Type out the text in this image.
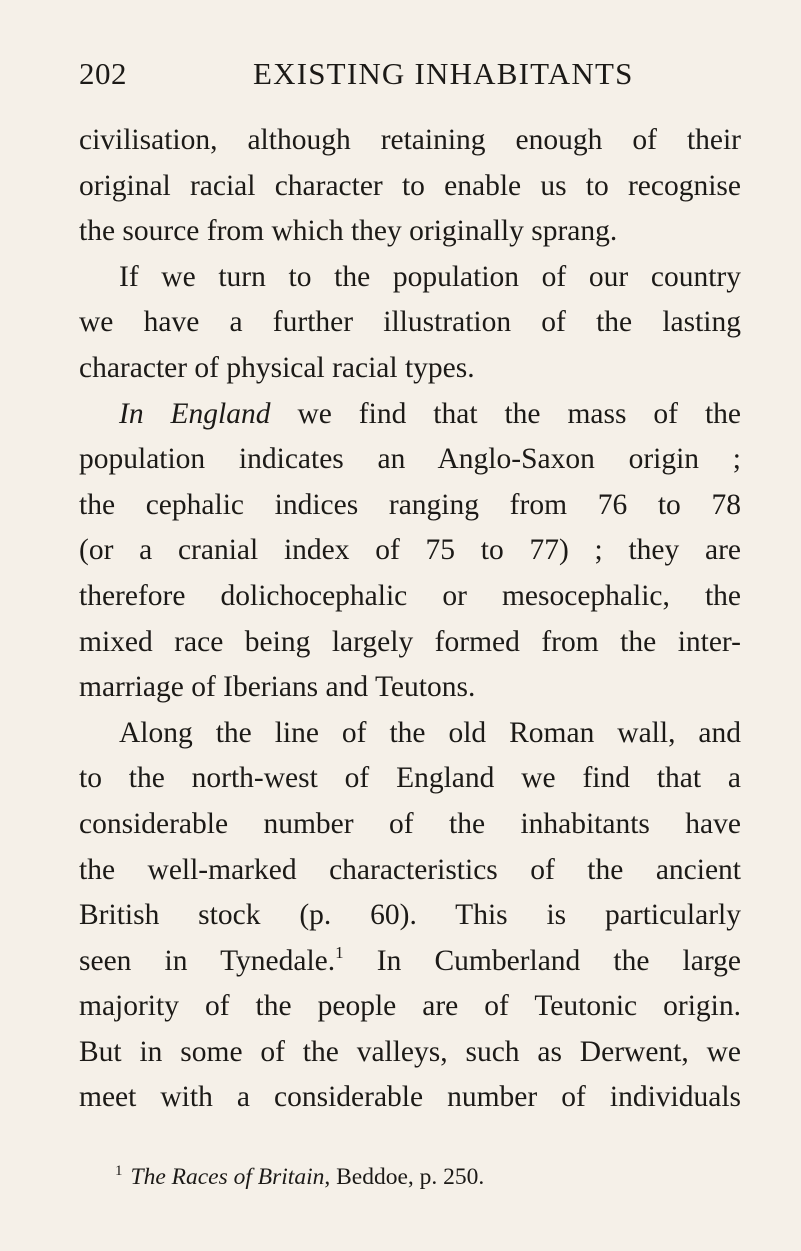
202	EXISTING INHABITANTS
civilisation, although retaining enough of their
original racial character to enable us to recognise
the source from which they originally sprang.
If we turn to the population of our country
we have a further illustration of the lasting
character of physical racial types.
In England we find that the mass of the
population indicates an Anglo-Saxon origin ;
the cephalic indices ranging from 76 to 78
(or a cranial index of 75 to 77) ; they are
therefore dolichocephalic or mesocephalic, the
mixed race being largely formed from the inter-
marriage of Iberians and Teutons.
Along the line of the old Roman wall, and
to the north-west of England we find that a
considerable number of the inhabitants have
the well-marked characteristics of the ancient
British stock (p. 60). This is particularly
seen in Tynedale.$^1$ In Cumberland the large
majority of the people are of Teutonic origin.
But in some of the valleys, such as Derwent, we
meet with a considerable number of individuals
$^1$ The Races of Britain, Beddoe, p. 250.
